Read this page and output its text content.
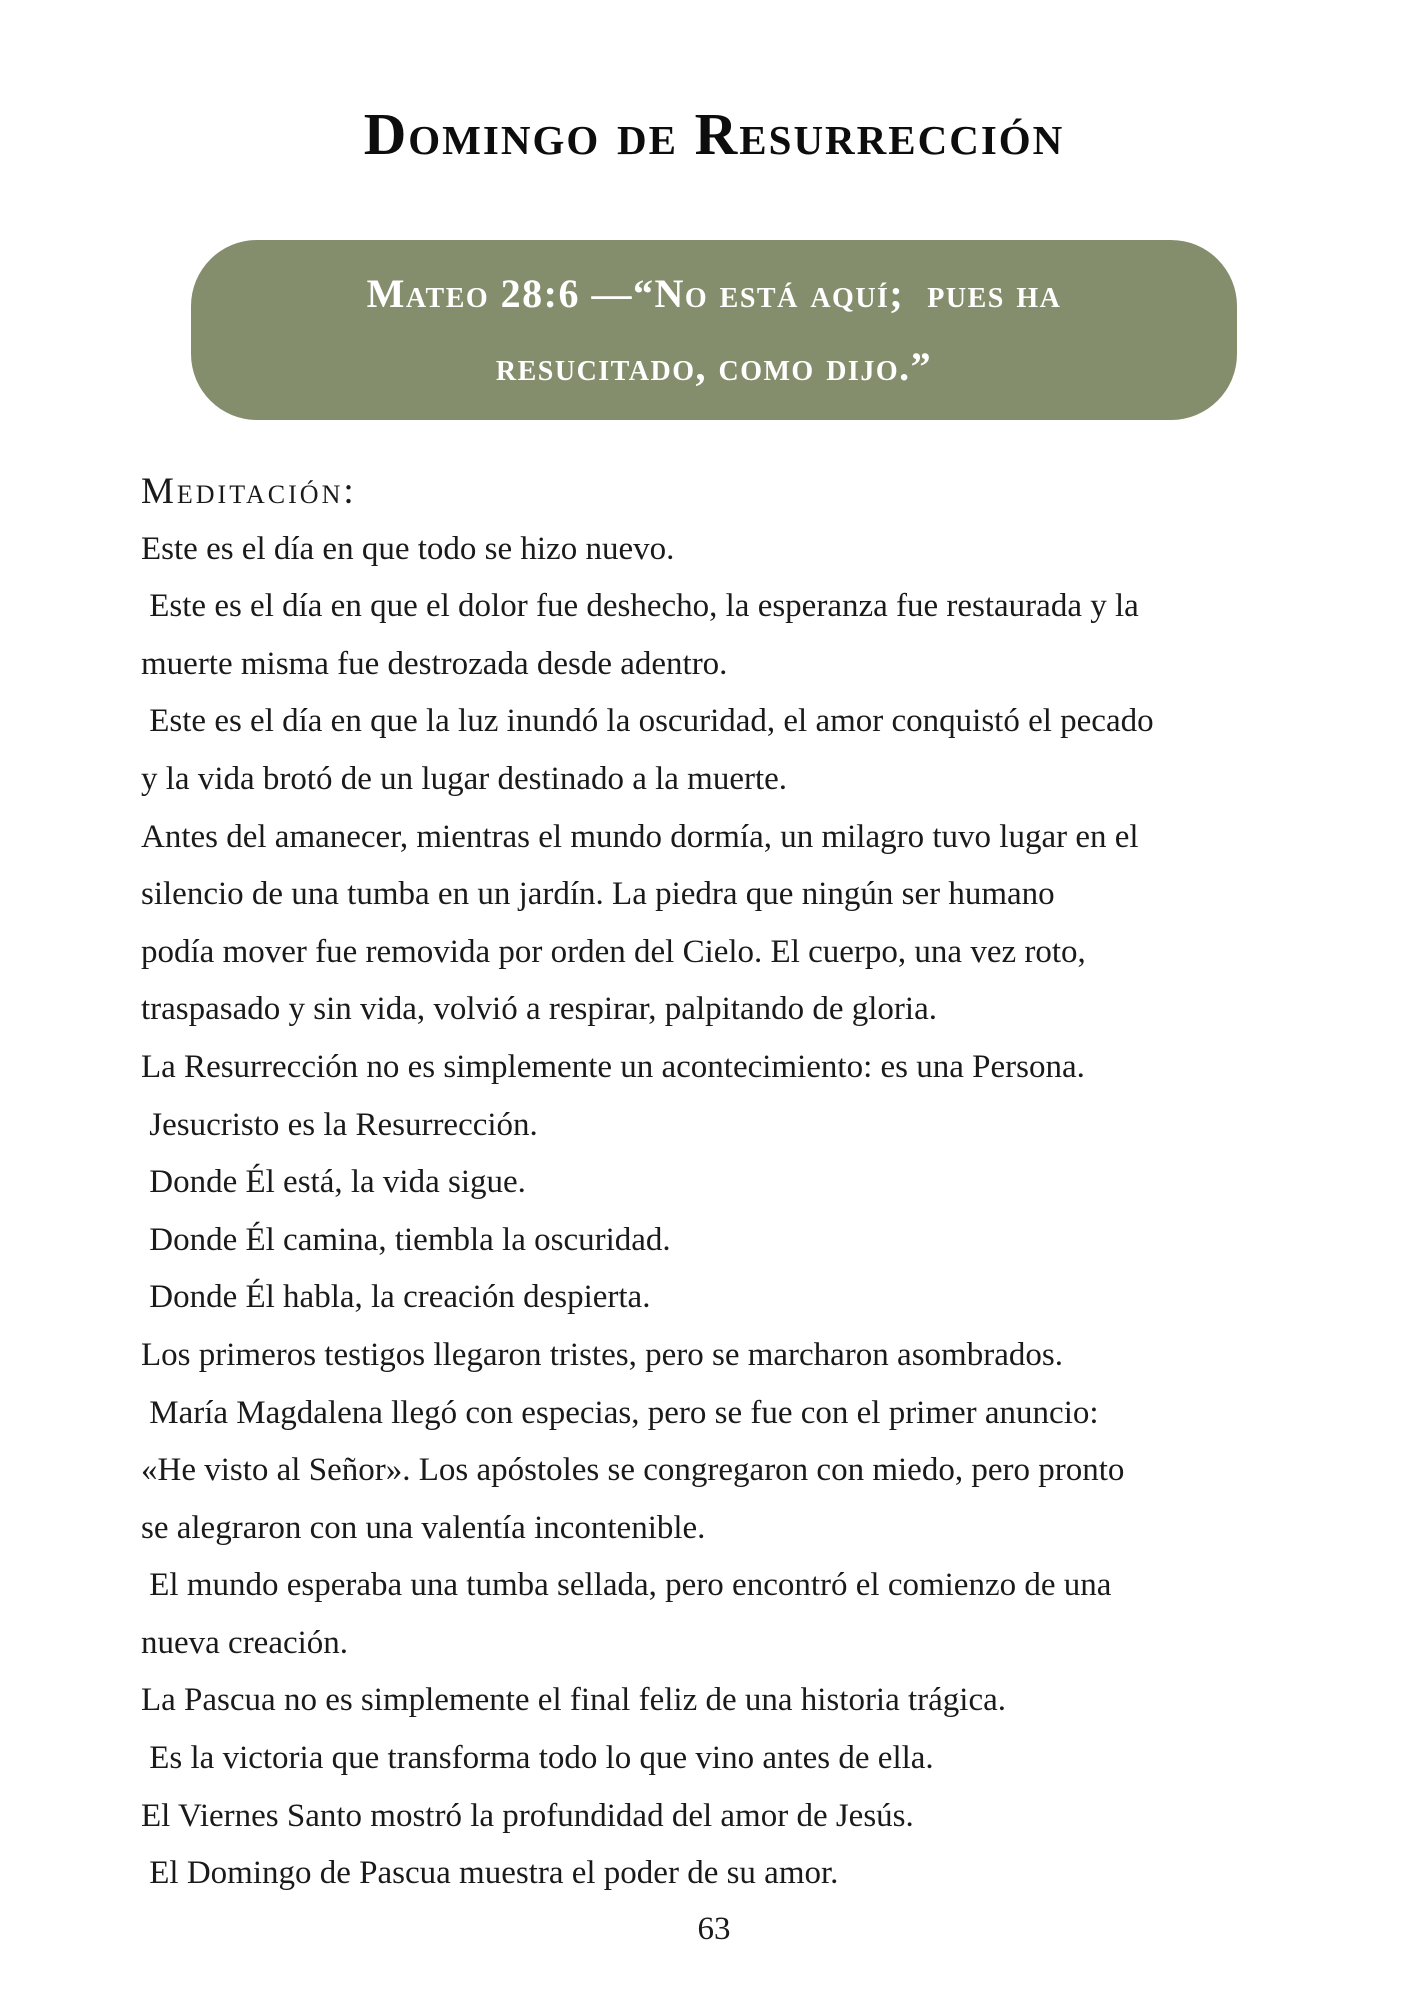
Domingo de Resurrección
Mateo 28:6 —“No está aquí;  pues ha
resucitado, como dijo.”
Meditación:
Este es el día en que todo se hizo nuevo.
Este es el día en que el dolor fue deshecho, la esperanza fue restaurada y la
muerte misma fue destrozada desde adentro.
Este es el día en que la luz inundó la oscuridad, el amor conquistó el pecado
y la vida brotó de un lugar destinado a la muerte.
Antes del amanecer, mientras el mundo dormía, un milagro tuvo lugar en el
silencio de una tumba en un jardín. La piedra que ningún ser humano
podía mover fue removida por orden del Cielo. El cuerpo, una vez roto,
traspasado y sin vida, volvió a respirar, palpitando de gloria.
La Resurrección no es simplemente un acontecimiento: es una Persona.
Jesucristo es la Resurrección.
Donde Él está, la vida sigue.
Donde Él camina, tiembla la oscuridad.
Donde Él habla, la creación despierta.
Los primeros testigos llegaron tristes, pero se marcharon asombrados.
María Magdalena llegó con especias, pero se fue con el primer anuncio:
«He visto al Señor». Los apóstoles se congregaron con miedo, pero pronto
se alegraron con una valentía incontenible.
El mundo esperaba una tumba sellada, pero encontró el comienzo de una
nueva creación.
La Pascua no es simplemente el final feliz de una historia trágica.
Es la victoria que transforma todo lo que vino antes de ella.
El Viernes Santo mostró la profundidad del amor de Jesús.
El Domingo de Pascua muestra el poder de su amor.
63
